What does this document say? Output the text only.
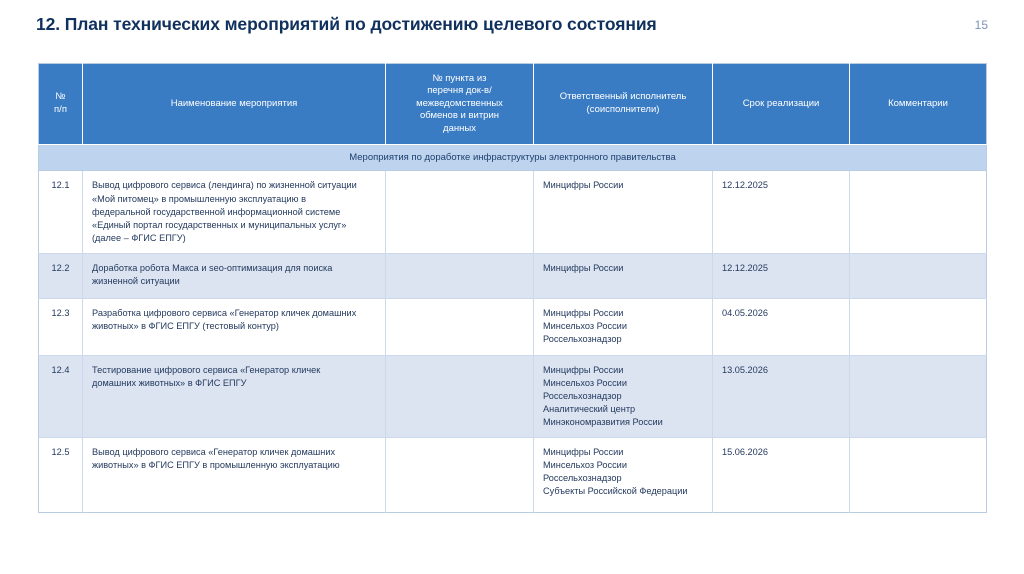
12. План технических мероприятий по достижению целевого состояния	15
№
п/п	Наименование мероприятия	№ пункта из
перечня док-в/
межведомственных
обменов и витрин
данных	Ответственный исполнитель
(соисполнители)	Срок реализации	Комментарии
Мероприятия по доработке инфраструктуры электронного правительства					
12.1	Вывод цифрового сервиса (лендинга) по жизненной ситуации
«Мой питомец» в промышленную эксплуатацию в
федеральной государственной информационной системе
«Единый портал государственных и муниципальных услуг»
(далее – ФГИС ЕПГУ)		Минцифры России	12.12.2025	
12.2	Доработка робота Макса и seo-оптимизация для поиска
жизненной ситуации		Минцифры России	12.12.2025	
12.3	Разработка цифрового сервиса «Генератор кличек домашних
животных» в ФГИС ЕПГУ (тестовый контур)		Минцифры России
Минсельхоз России
Россельхознадзор	04.05.2026	
12.4	Тестирование цифрового сервиса «Генератор кличек
домашних животных» в ФГИС ЕПГУ		Минцифры России
Минсельхоз России
Россельхознадзор
Аналитический центр
Минэкономразвития России	13.05.2026	
12.5	Вывод цифрового сервиса «Генератор кличек домашних
животных» в ФГИС ЕПГУ в промышленную эксплуатацию		Минцифры России
Минсельхоз России
Россельхознадзор
Субъекты Российской Федерации	15.06.2026	
